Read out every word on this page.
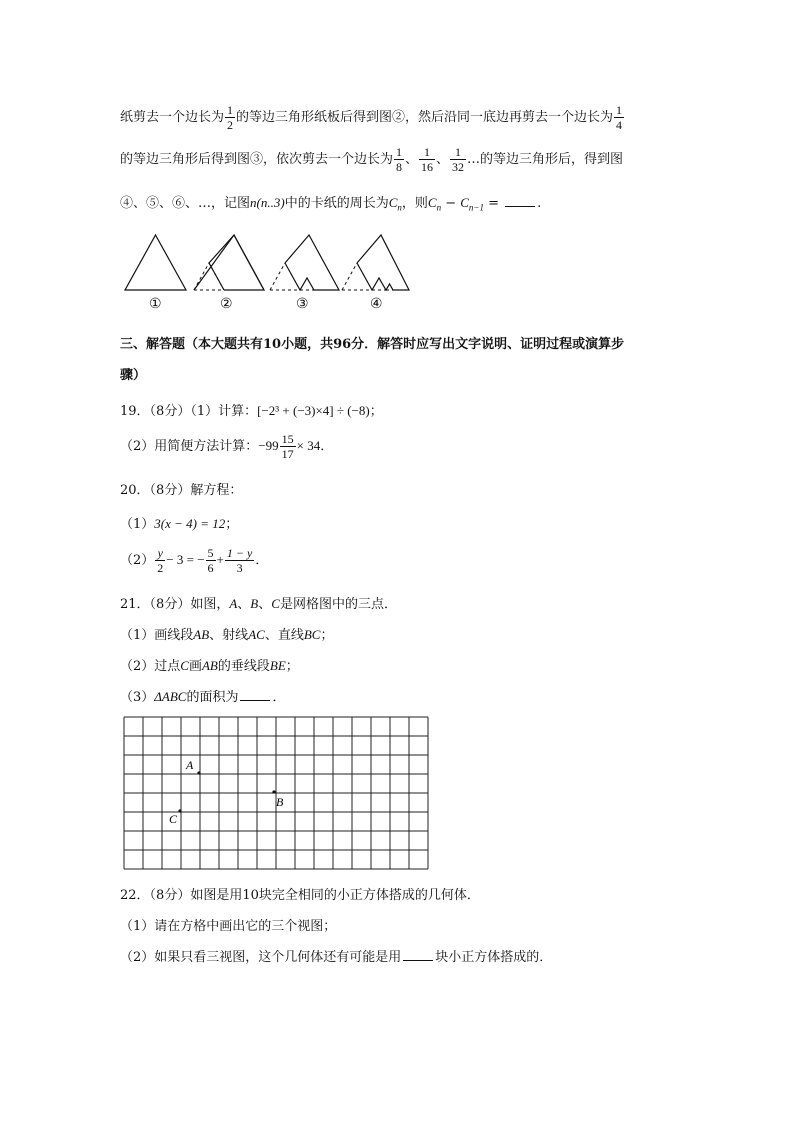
纸剪去一个边长为 $\frac{1}{2}$ 的等边三角形纸板后得到图②，然后沿同一底边再剪去一个边长为 $\frac{1}{4}$
的等边三角形后得到图③，依次剪去一个边长为 $\frac{1}{8}$ 、 $\frac{1}{16}$ 、 $\frac{1}{32}$ …的等边三角形后，得到图
④、⑤、⑥、…，记图n(n..3)中的卡纸的周长为$C_n$，则$C_n - C_{n-1}$ =	.
①	②	③	④
三、解答题（本大题共有10小题，共96分．解答时应写出文字说明、证明过程或演算步
骤）
19．（8分）（1）计算：[−2³ + (−3)×4] ÷ (−8)；
（2）用简便方法计算：$-99 \frac{15}{17} \times 34$．
20．（8分）解方程：
（1）3(x − 4) = 12；
$(2) \frac{y}{2} - 3$ = − $\frac{5}{6} + \frac{1 - y}{3}$ ．
21．（8分）如图，A、B、C是网格图中的三点．
（1）画线段AB、射线AC、直线BC；
（2）过点C画AB的垂线段BE；
（3）ΔABC的面积为	．
A
B
C
22．（8分）如图是用10块完全相同的小正方体搭成的几何体．
（1）请在方格中画出它的三个视图；
（2）如果只看三视图，这个几何体还有可能是用	块小正方体搭成的．
